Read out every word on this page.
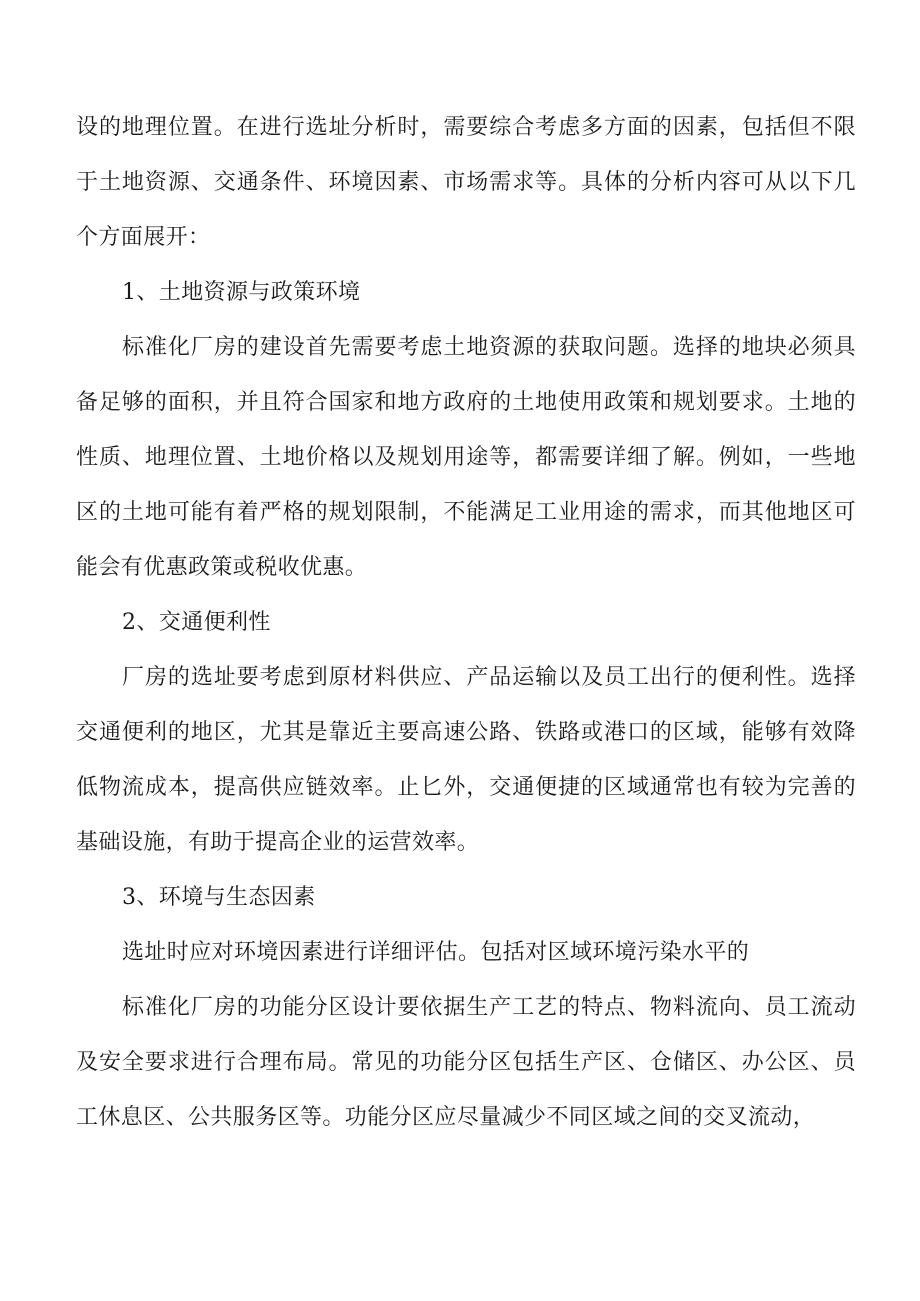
设的地理位置。在进行选址分析时，需要综合考虑多方面的因素，包括但不限于土地资源、交通条件、环境因素、市场需求等。具体的分析内容可从以下几个方面展开：

1、土地资源与政策环境

标准化厂房的建设首先需要考虑土地资源的获取问题。选择的地块必须具备足够的面积，并且符合国家和地方政府的土地使用政策和规划要求。土地的性质、地理位置、土地价格以及规划用途等，都需要详细了解。例如，一些地区的土地可能有着严格的规划限制，不能满足工业用途的需求，而其他地区可能会有优惠政策或税收优惠。

2、交通便利性

厂房的选址要考虑到原材料供应、产品运输以及员工出行的便利性。选择交通便利的地区，尤其是靠近主要高速公路、铁路或港口的区域，能够有效降低物流成本，提高供应链效率。止匕外，交通便捷的区域通常也有较为完善的基础设施，有助于提高企业的运营效率。

3、环境与生态因素

选址时应对环境因素进行详细评估。包括对区域环境污染水平的

标准化厂房的功能分区设计要依据生产工艺的特点、物料流向、员工流动及安全要求进行合理布局。常见的功能分区包括生产区、仓储区、办公区、员工休息区、公共服务区等。功能分区应尽量减少不同区域之间的交叉流动，
